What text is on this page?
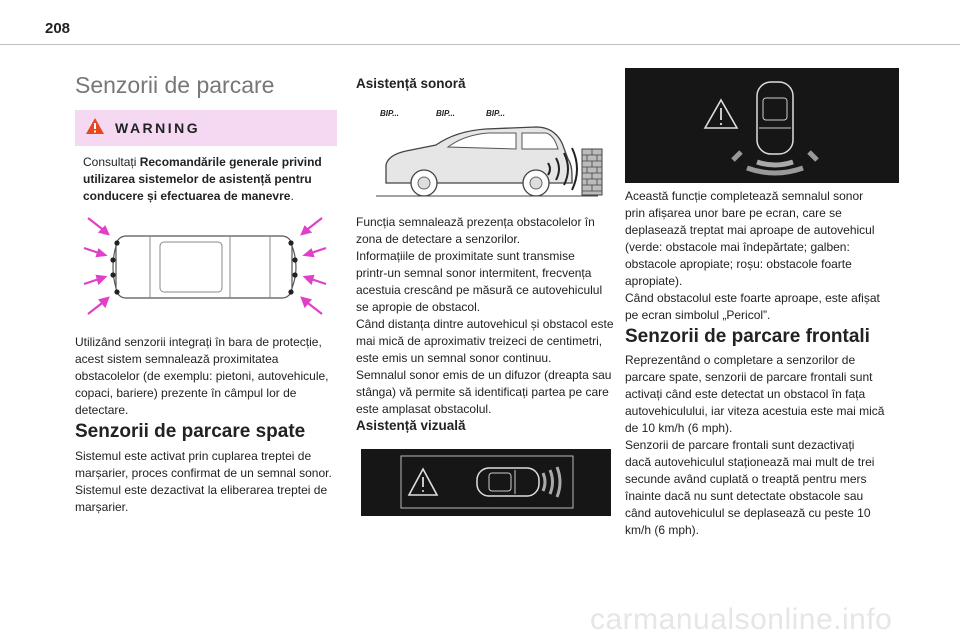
208
Senzorii de parcare
WARNING
Consultați Recomandările generale privind utilizarea sistemelor de asistență pentru conducere și efectuarea de manevre.
Utilizând senzorii integrați în bara de protecție,
acest sistem semnalează proximitatea
obstacolelor (de exemplu: pietoni, autovehicule,
copaci, bariere) prezente în câmpul lor de
detectare.
Senzorii de parcare spate
Sistemul este activat prin cuplarea treptei de
marșarier, proces confirmat de un semnal sonor.
Sistemul este dezactivat la eliberarea treptei de
marșarier.
Asistență sonoră
BIP...	BIP...	BIP...
Funcția semnalează prezența obstacolelor în
zona de detectare a senzorilor.
Informațiile de proximitate sunt transmise
printr-un semnal sonor intermitent, frecvența
acestuia crescând pe măsură ce autovehiculul
se apropie de obstacol.
Când distanța dintre autovehicul și obstacol este
mai mică de aproximativ treizeci de centimetri,
este emis un semnal sonor continuu.
Semnalul sonor emis de un difuzor (dreapta sau
stânga) vă permite să identificați partea pe care
este amplasat obstacolul.
Asistență vizuală
Această funcție completează semnalul sonor
prin afișarea unor bare pe ecran, care se
deplasează treptat mai aproape de autovehicul
(verde: obstacole mai îndepărtate; galben:
obstacole apropiate; roșu: obstacole foarte
apropiate).
Când obstacolul este foarte aproape, este afișat
pe ecran simbolul „Pericol”.
Senzorii de parcare frontali
Reprezentând o completare a senzorilor de
parcare spate, senzorii de parcare frontali sunt
activați când este detectat un obstacol în fața
autovehiculului, iar viteza acestuia este mai mică
de 10 km/h (6 mph).
Senzorii de parcare frontali sunt dezactivați
dacă autovehiculul staționează mai mult de trei
secunde având cuplată o treaptă pentru mers
înainte dacă nu sunt detectate obstacole sau
când autovehiculul se deplasează cu peste 10
km/h (6 mph).
carmanualsonline.info
